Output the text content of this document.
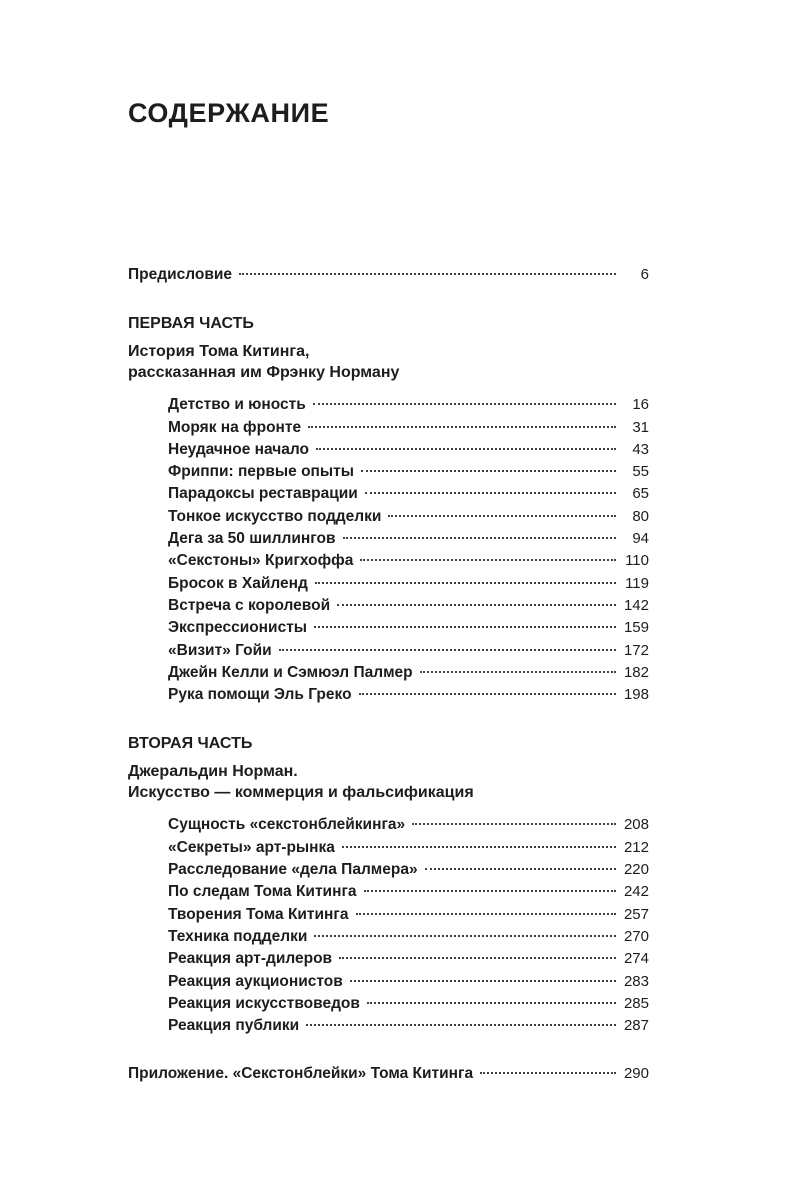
СОДЕРЖАНИЕ
Предисловие	6
ПЕРВАЯ ЧАСТЬ
История Тома Китинга,
рассказанная им Фрэнку Норману
Детство и юность	16
Моряк на фронте	31
Неудачное начало	43
Фриппи: первые опыты	55
Парадоксы реставрации	65
Тонкое искусство подделки	80
Дега за 50 шиллингов	94
«Секстоны» Кригхоффа	110
Бросок в Хайленд	119
Встреча с королевой	142
Экспрессионисты	159
«Визит» Гойи	172
Джейн Келли и Сэмюэл Палмер	182
Рука помощи Эль Греко	198
ВТОРАЯ ЧАСТЬ
Джеральдин Норман.
Искусство — коммерция и фальсификация
Сущность «секстонблейкинга»	208
«Секреты» арт-рынка	212
Расследование «дела Палмера»	220
По следам Тома Китинга	242
Творения Тома Китинга	257
Техника подделки	270
Реакция арт-дилеров	274
Реакция аукционистов	283
Реакция искусствоведов	285
Реакция публики	287
Приложение. «Секстонблейки» Тома Китинга	290
